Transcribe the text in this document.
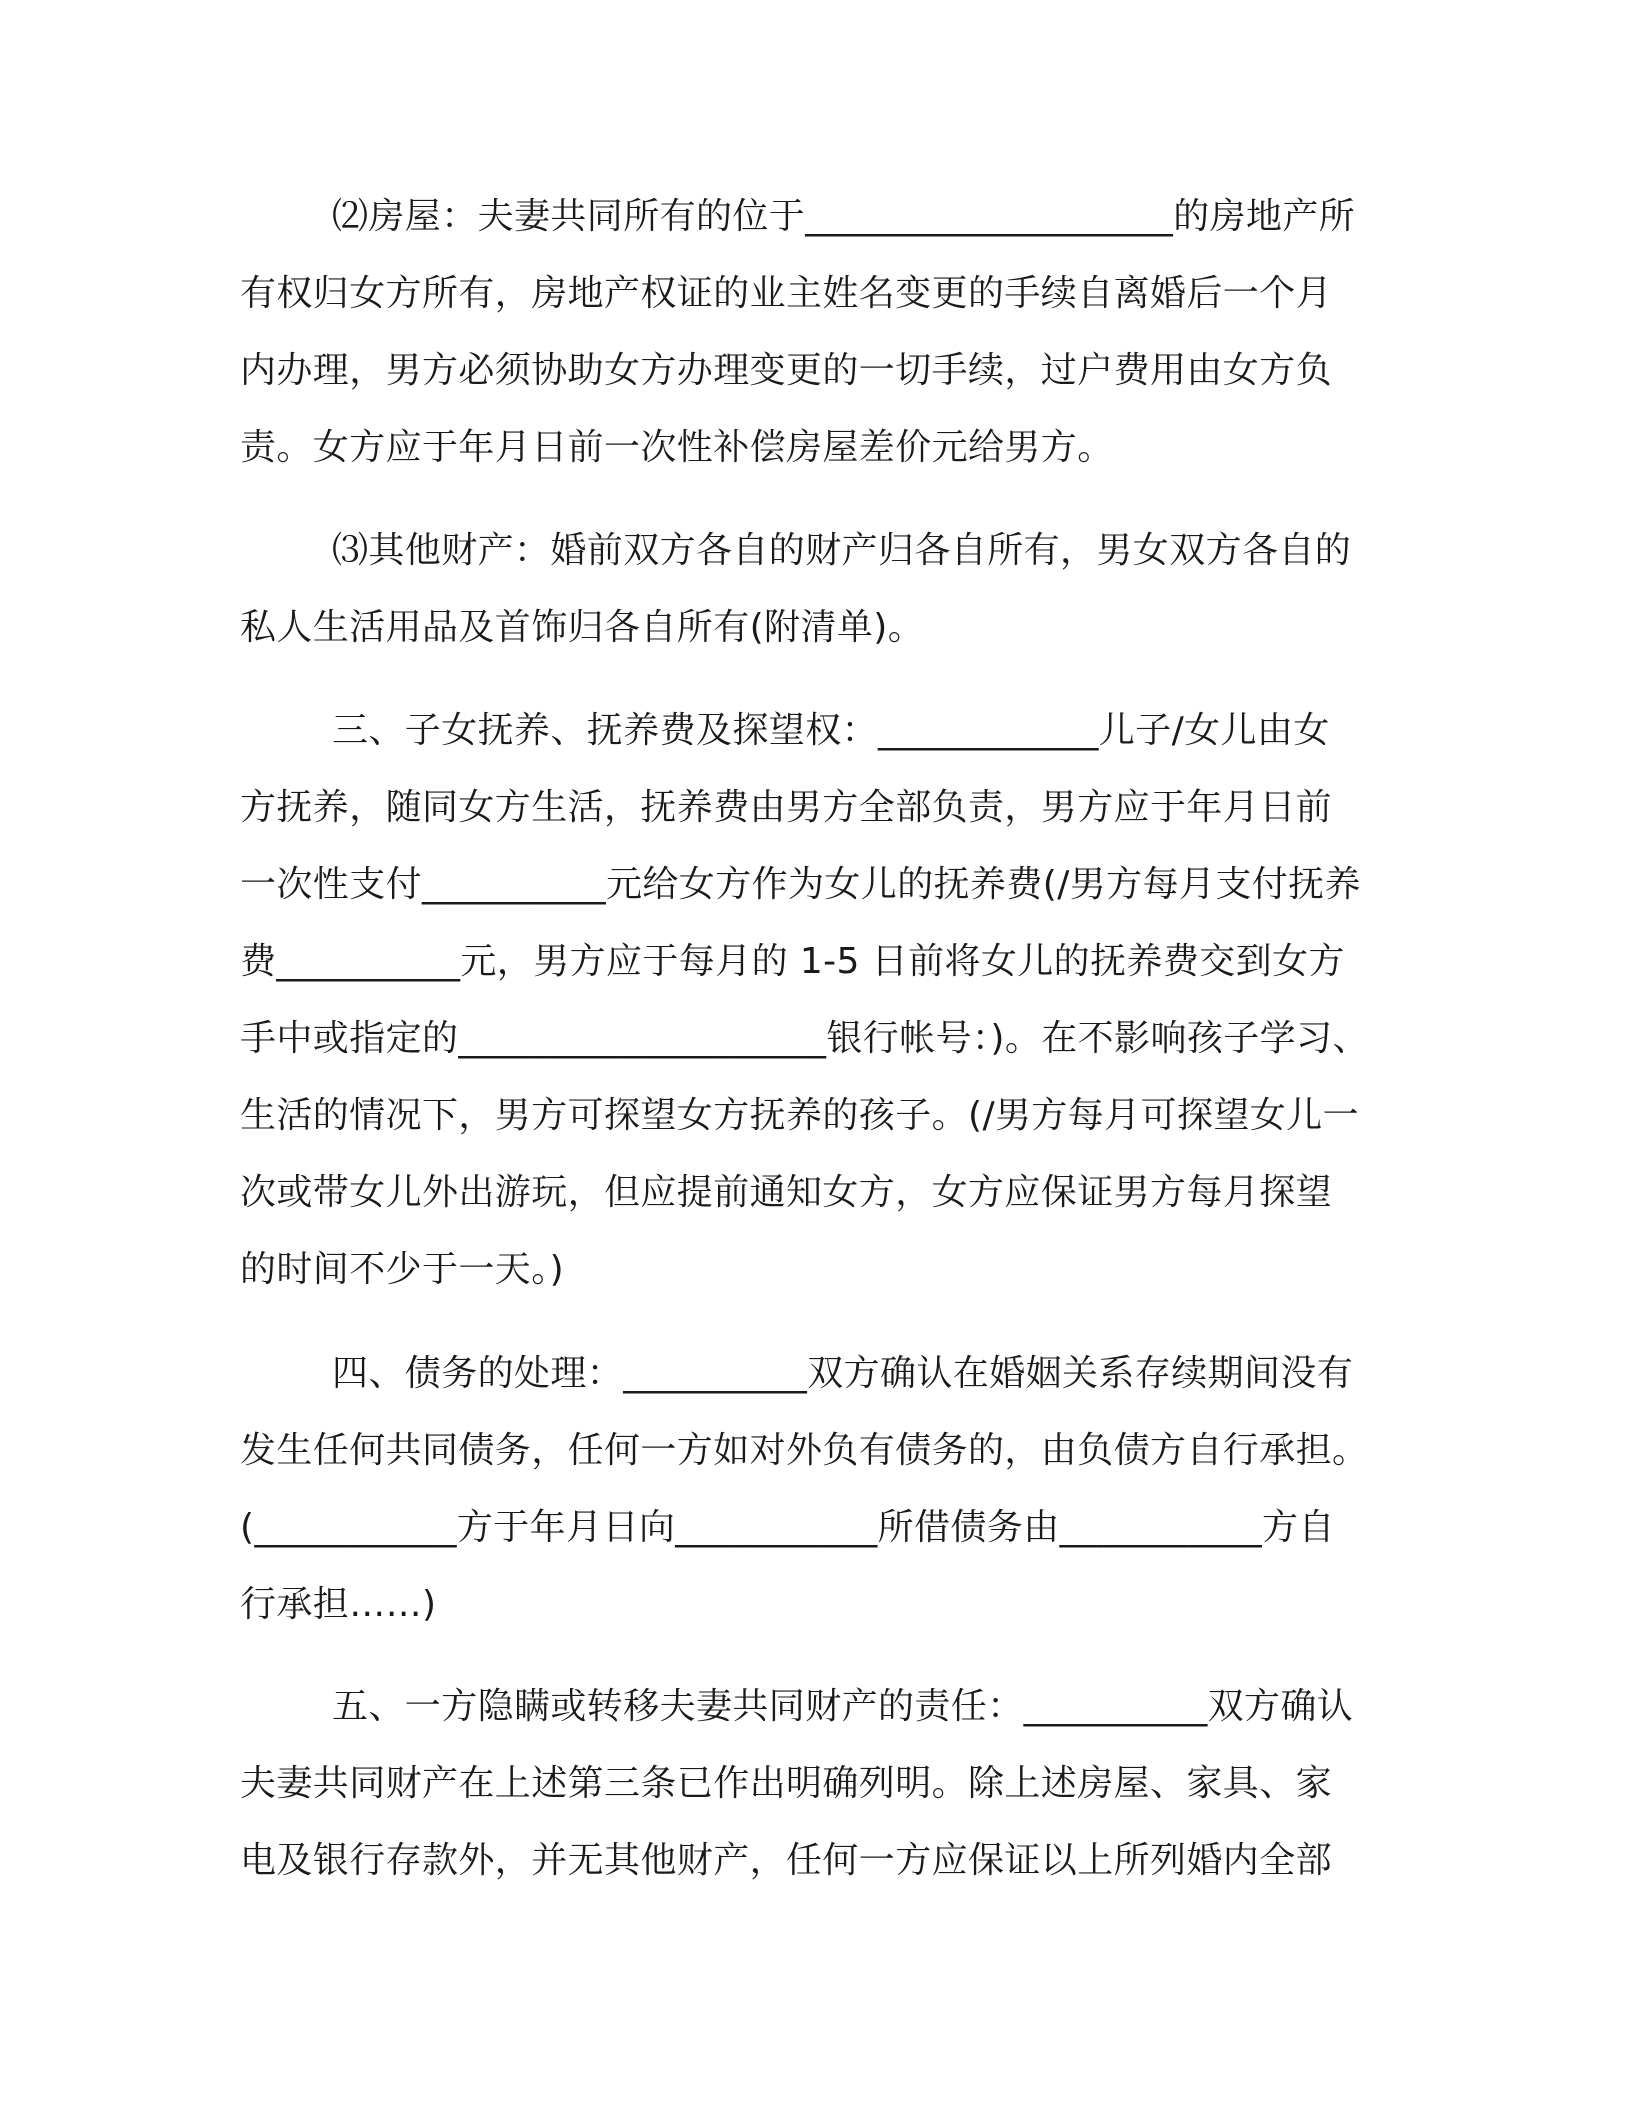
⑵房屋：夫妻共同所有的位于____________________的房地产所
有权归女方所有，房地产权证的业主姓名变更的手续自离婚后一个月
内办理，男方必须协助女方办理变更的一切手续，过户费用由女方负
责。女方应于年月日前一次性补偿房屋差价元给男方。
⑶其他财产：婚前双方各自的财产归各自所有，男女双方各自的
私人生活用品及首饰归各自所有(附清单)。
三、子女抚养、抚养费及探望权：____________儿子/女儿由女
方抚养，随同女方生活，抚养费由男方全部负责，男方应于年月日前
一次性支付__________元给女方作为女儿的抚养费(/男方每月支付抚养
费__________元，男方应于每月的 1-5 日前将女儿的抚养费交到女方
手中或指定的____________________银行帐号：)。在不影响孩子学习、
生活的情况下，男方可探望女方抚养的孩子。(/男方每月可探望女儿一
次或带女儿外出游玩，但应提前通知女方，女方应保证男方每月探望
的时间不少于一天。)
四、债务的处理：__________双方确认在婚姻关系存续期间没有
发生任何共同债务，任何一方如对外负有债务的，由负债方自行承担。
(___________方于年月日向___________所借债务由___________方自
行承担……)
五、一方隐瞒或转移夫妻共同财产的责任：__________双方确认
夫妻共同财产在上述第三条已作出明确列明。除上述房屋、家具、家
电及银行存款外，并无其他财产，任何一方应保证以上所列婚内全部
